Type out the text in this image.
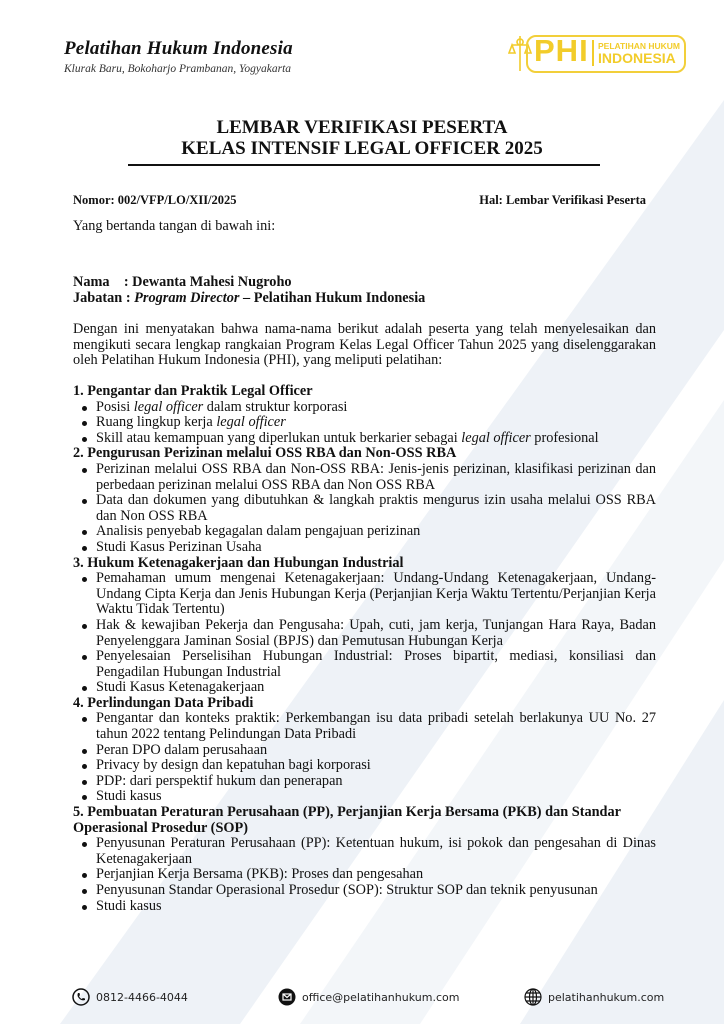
Pelatihan Hukum Indonesia
Klurak Baru, Bokoharjo Prambanan, Yogyakarta
PHI PELATIHAN HUKUM
INDONESIA
LEMBAR VERIFIKASI PESERTA
KELAS INTENSIF LEGAL OFFICER 2025
Nomor: 002/VFP/LO/XII/2025	Hal: Lembar Verifikasi Peserta
Yang bertanda tangan di bawah ini:
Nama    : Dewanta Mahesi Nugroho
Jabatan : Program Director – Pelatihan Hukum Indonesia
Dengan ini menyatakan bahwa nama-nama berikut adalah peserta yang telah menyelesaikan dan mengikuti secara lengkap rangkaian Program Kelas Legal Officer Tahun 2025 yang diselenggarakan oleh Pelatihan Hukum Indonesia (PHI), yang meliputi pelatihan:
1. Pengantar dan Praktik Legal Officer
Posisi legal officer dalam struktur korporasi
Ruang lingkup kerja legal officer
Skill atau kemampuan yang diperlukan untuk berkarier sebagai legal officer profesional
2. Pengurusan Perizinan melalui OSS RBA dan Non-OSS RBA
Perizinan melalui OSS RBA dan Non-OSS RBA: Jenis-jenis perizinan, klasifikasi perizinan dan perbedaan perizinan melalui OSS RBA dan Non OSS RBA
Data dan dokumen yang dibutuhkan & langkah praktis mengurus izin usaha melalui OSS RBA dan Non OSS RBA
Analisis penyebab kegagalan dalam pengajuan perizinan
Studi Kasus Perizinan Usaha
3. Hukum Ketenagakerjaan dan Hubungan Industrial
Pemahaman umum mengenai Ketenagakerjaan: Undang-Undang Ketenagakerjaan, Undang-Undang Cipta Kerja dan Jenis Hubungan Kerja (Perjanjian Kerja Waktu Tertentu/Perjanjian Kerja Waktu Tidak Tertentu)
Hak & kewajiban Pekerja dan Pengusaha: Upah, cuti, jam kerja, Tunjangan Hara Raya, Badan Penyelenggara Jaminan Sosial (BPJS) dan Pemutusan Hubungan Kerja
Penyelesaian Perselisihan Hubungan Industrial: Proses bipartit, mediasi, konsiliasi dan Pengadilan Hubungan Industrial
Studi Kasus Ketenagakerjaan
4. Perlindungan Data Pribadi
Pengantar dan konteks praktik: Perkembangan isu data pribadi setelah berlakunya UU No. 27 tahun 2022 tentang Pelindungan Data Pribadi
Peran DPO dalam perusahaan
Privacy by design dan kepatuhan bagi korporasi
PDP: dari perspektif hukum dan penerapan
Studi kasus
5. Pembuatan Peraturan Perusahaan (PP), Perjanjian Kerja Bersama (PKB) dan Standar Operasional Prosedur (SOP)
Penyusunan Peraturan Perusahaan (PP): Ketentuan hukum, isi pokok dan pengesahan di Dinas Ketenagakerjaan
Perjanjian Kerja Bersama (PKB): Proses dan pengesahan
Penyusunan Standar Operasional Prosedur (SOP): Struktur SOP dan teknik penyusunan
Studi kasus
0812-4466-4044	office@pelatihanhukum.com	pelatihanhukum.com
